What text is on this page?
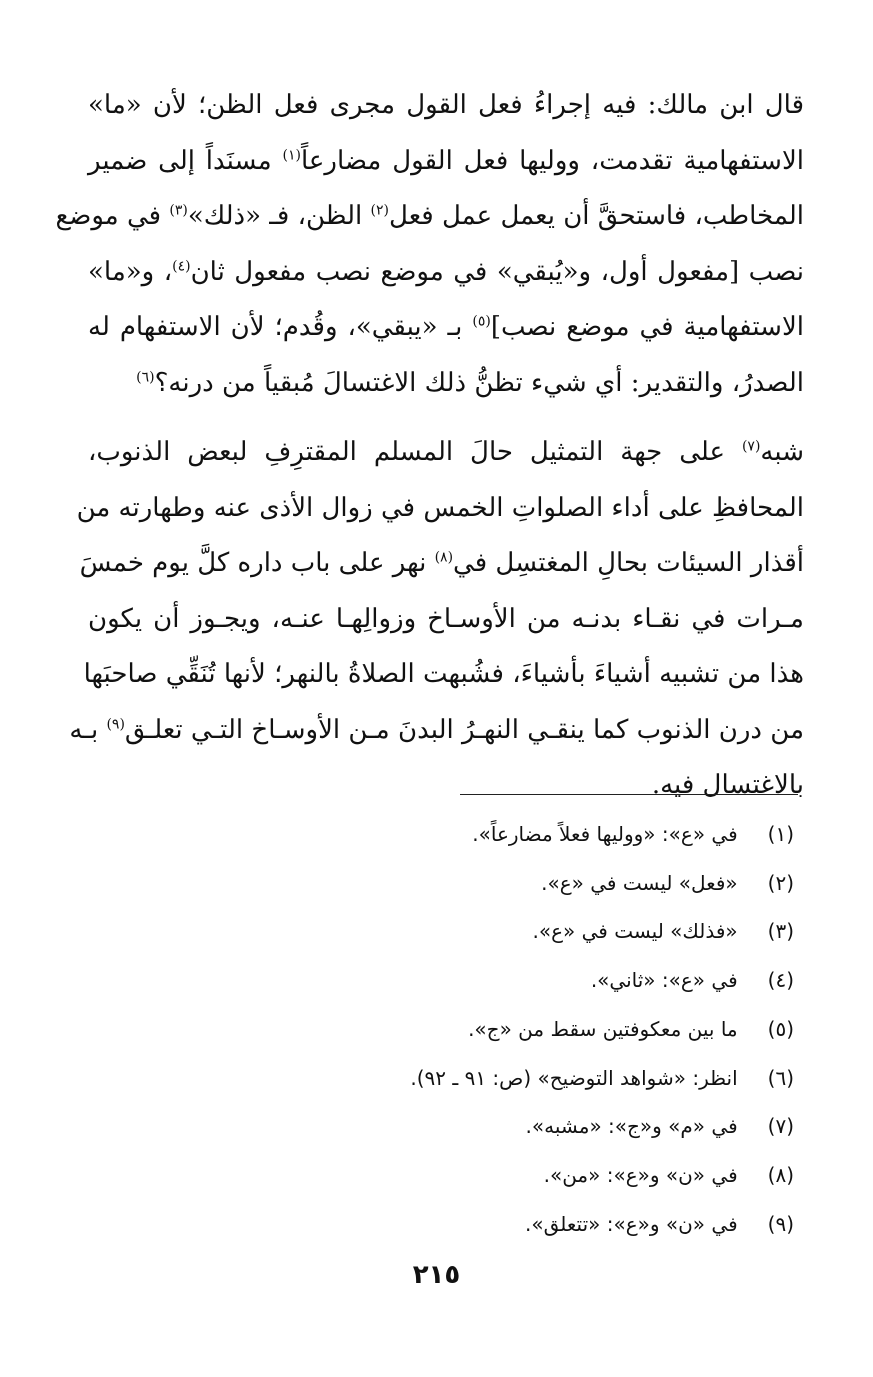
قال ابن مالك: فيه إجراءُ فعل القول مجرى فعل الظن؛ لأن «ما»
الاستفهامية تقدمت، ووليها فعل القول مضارعاً$^{(١)}$ مسنَداً إلى ضمير
المخاطب، فاستحقَّ أن يعمل عمل فعل$^{(٢)}$ الظن، فـ «ذلك»$^{(٣)}$ في موضع
نصب [مفعول أول، و«يُبقي» في موضع نصب مفعول ثان$^{(٤)}$، و«ما»
الاستفهامية في موضع نصب]$^{(٥)}$ بـ «يبقي»، وقُدم؛ لأن الاستفهام له
الصدرُ، والتقدير: أي شيء تظنُّ ذلك الاغتسالَ مُبقياً من درنه؟$^{(٦)}$

شبه$^{(٧)}$ على جهة التمثيل حالَ المسلم المقترِفِ لبعض الذنوب،
المحافظِ على أداء الصلواتِ الخمس في زوال الأذى عنه وطهارته من
أقذار السيئات بحالِ المغتسِل في$^{(٨)}$ نهر على باب داره كلَّ يوم خمسَ
مـرات في نقـاء بدنـه من الأوسـاخ وزوالِهـا عنـه، ويجـوز أن يكون
هذا من تشبيه أشياءَ بأشياءَ، فشُبهت الصلاةُ بالنهر؛ لأنها تُنَقِّي صاحبَها
من درن الذنوب كما ينقـي النهـرُ البدنَ مـن الأوسـاخ التـي تعلـق$^{(٩)}$ بـه
بالاغتسال فيه.

(١) في «ع»: «ووليها فعلاً مضارعاً».
(٢) «فعل» ليست في «ع».
(٣) «فذلك» ليست في «ع».
(٤) في «ع»: «ثاني».
(٥) ما بين معكوفتين سقط من «ج».
(٦) انظر: «شواهد التوضيح» (ص: ٩١ ـ ٩٢).
(٧) في «م» و«ج»: «مشبه».
(٨) في «ن» و«ع»: «من».
(٩) في «ن» و«ع»: «تتعلق».
٢١٥
